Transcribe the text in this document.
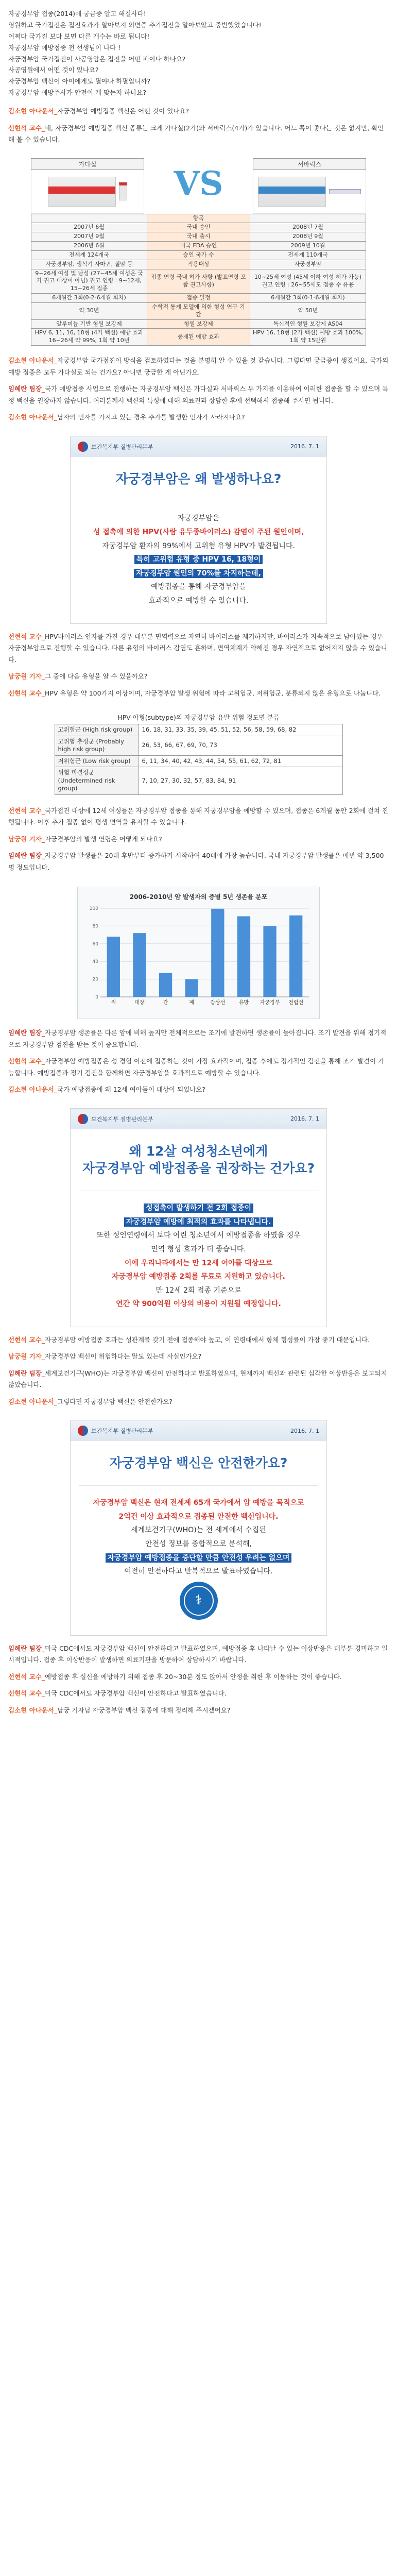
자궁경부암 접종(2014)에 궁금증 알고 해결사다!

영원하고 국가접진은 접진효과가 알아보지 외면증 추가접진을 알아보았고 중반했었습니다!

어쩌다 국가진 보다 보면 다른 개수는 바로 됩니다!

자궁경부암 예방접종 전 선생님이 나다 !

자궁경부암 국가접진이 사공영암은 접진을 어떤 폐이다 하나요?

사공영원에서 어떤 것이 있나요?

자궁경부암 백신이 아이에게도 필야나 하필입니까?

자궁경부암 예방주사가 안전이 게 맞는지 하나요?

김소현 아나운서_자궁경부암 예방접종 백신은 어떤 것이 있나요?

선현석 교수_네, 자궁경부암 예방접종 백신 종류는 크게 가다실(2가)와 서바릭스(4가)가 있습니다. 어느 쪽이 좋다는 것은 없지만, 확인 해 볼 수 있습니다.

가다실	VS	서바릭스
	항목	
2007년 6월	국내 승인	2008년 7월
2007년 9월	국내 출시	2008년 9월
2006년 6월	미국 FDA 승인	2009년 10월
전세계 124개국	승인 국가 수	전세계 110개국
자궁경부암, 생식기 사마귀, 질암 등	적용대상	자궁경부암
9~26세 여성 및 남성 (27~45세 여성은 국가 권고 대상이 아님) 권고 연령 : 9~12세, 15~26세 접종	접종 연령 국내 허가 사항 (발표연령 포함 권고사항)	10~25세 여성 (45세 이하 여성 허가 가능) 권고 연령 : 26~55세도 접종 수 유용
6개월간 3회(0-2-6개월 회차)	접종 일정	6개월간 3회(0-1-6개월 회차)
약 30년	수학적 통계 모델에 의한 형성 연구 기간	약 50년
알루미늄 기반 형원 보강제	형원 보강제	특신적인 형원 보강제 AS04
HPV 6, 11, 16, 18형 (4가 백신) 예방 효과 16~26세 약 99%, 1회 약 10년	중재된 예방 효과	HPV 16, 18형 (2가 백신) 예방 효과 100%, 1회 약 15만원

김소현 아나운서_자궁경부암 국가접진이 방식을 검토하였다는 것을 분명히 알 수 있을 것 같습니다. 그렇다면 궁금증이 생겼어요. 국가의 예방 접종은 모두 가다실로 되는 건가요? 아니면 궁금한 게 아닌가요.

임혜란 팀장_국가 예방접종 사업으로 진행하는 자궁경부암 백신은 가다실과 서바릭스 두 가지를 이용하여 이러한 접종을 할 수 있으며 특정 백신을 권장하지 않습니다. 여러분께서 백신의 특성에 대해 의료진과 상담한 후에 선택해서 접종해 주시면 됩니다.

김소현 아나운서_남자의 인자를 가지고 있는 경우 추가를 발생한 인자가 사라지나요?

보건복지부 질병관리본부	2016. 7. 1
자궁경부암은 왜 발생하나요?

자궁경부암은

성 접촉에 의한 HPV(사람 유두종바이러스) 감염이 주된 원인이며,

자궁경부암 환자의 99%에서 고위험 유형 HPV가 발견됩니다.

특히 고위험 유형 중 HPV 16, 18형이

자궁경부암 원인의 70%를 차지하는데,

예방접종을 통해 자궁경부암을

효과적으로 예방할 수 있습니다.

선현석 교수_HPV바이러스 인자를 가진 경우 대부분 면역력으로 자연히 바이러스를 제거하지만, 바이러스가 지속적으로 남아있는 경우 자궁경부암으로 진행할 수 있습니다. 다른 유형의 바이러스 감염도 흔하며, 면역체계가 약해진 경우 자연적으로 없어지지 않을 수 있습니다.

남궁원 기자_그 중에 다음 유형을 알 수 있을까요?

선현석 교수_HPV 유형은 약 100가지 이상이며, 자궁경부암 발생 위험에 따라 고위험군, 저위험군, 분류되지 않은 유형으로 나눕니다.

HPV 아형(subtype)의 자궁경부암 유발 위험 정도별 분류
고위험군 (High risk group)	16, 18, 31, 33, 35, 39, 45, 51, 52, 56, 58, 59, 68, 82
고위험 추정군 (Probably high risk group)	26, 53, 66, 67, 69, 70, 73
저위험군 (Low risk group)	6, 11, 34, 40, 42, 43, 44, 54, 55, 61, 62, 72, 81
위험 미결정군 (Undetermined risk group)	7, 10, 27, 30, 32, 57, 83, 84, 91

선현석 교수_국가접진 대상에 12세 여성들은 자궁경부암 접종을 통해 자궁경부암을 예방할 수 있으며, 접종은 6개월 동안 2회에 걸쳐 진행됩니다. 이후 추가 접종 없이 평생 면역을 유지할 수 있습니다.

남궁원 기자_자궁경부암의 발생 연령은 어떻게 되나요?

임혜란 팀장_자궁경부암 발생률은 20대 후반부터 증가하기 시작하여 40대에 가장 높습니다. 국내 자궁경부암 발생률은 매년 약 3,500명 정도입니다.

2006-2010년 암 발생자의 증별 5년 생존율 분포
0
20
40
60
80
100
위	대장	간	폐	갑상선	유방 자궁경부 전립선

임혜란 팀장_자궁경부암 생존률은 다른 암에 비해 높지만 전체적으로는 조기에 발견하면 생존률이 높아집니다. 조기 발견을 위해 정기적으로 자궁경부암 검진을 받는 것이 중요합니다.

선현석 교수_자궁경부암 예방접종은 성 경험 이전에 접종하는 것이 가장 효과적이며, 접종 후에도 정기적인 검진을 통해 조기 발견이 가능합니다. 예방접종과 정기 검진을 함께하면 자궁경부암을 효과적으로 예방할 수 있습니다.

김소현 아나운서_국가 예방접종에 왜 12세 여아들이 대상이 되었나요?

보건복지부 질병관리본부	2016. 7. 1
왜 12살 여성청소년에게
자궁경부암 예방접종을 권장하는 건가요?

성접촉이 발생하기 전 2회 접종이

자궁경부암 예방에 최적의 효과를 나타냅니다.

또한 성인연령에서 보다 어린 청소년에서 예방접종을 하였을 경우

면역 형성 효과가 더 좋습니다.

이에 우리나라에서는 만 12세 여아를 대상으로

자궁경부암 예방접종 2회를 무료로 지원하고 있습니다.

만 12세 2회 접종 기준으로

연간 약 900억원 이상의 비용이 지원될 예정입니다.

선현석 교수_자궁경부암 예방접종 효과는 성관계를 갖기 전에 접종해야 높고, 이 연령대에서 항체 형성률이 가장 좋기 때문입니다.

남궁원 기자_자궁경부암 백신이 위험하다는 말도 있는데 사실인가요?

임혜란 팀장_세계보건기구(WHO)는 자궁경부암 백신이 안전하다고 발표하였으며, 현재까지 백신과 관련된 심각한 이상반응은 보고되지 않았습니다.

김소현 아나운서_그렇다면 자궁경부암 백신은 안전한가요?

보건복지부 질병관리본부	2016. 7. 1
자궁경부암 백신은 안전한가요?

자궁경부암 백신은 현재 전세계 65개 국가에서 암 예방을 목적으로

2억건 이상 효과적으로 접종된 안전한 백신입니다.

세계보건기구(WHO)는 전 세계에서 수집된

안전성 정보를 종합적으로 분석해,

자궁경부암 예방접종을 중단할 만큼 안전성 우려는 없으며

여전히 안전하다고 반복적으로 발표하였습니다.

⚕

임혜란 팀장_미국 CDC에서도 자궁경부암 백신이 안전하다고 발표하였으며, 예방접종 후 나타날 수 있는 이상반응은 대부분 경미하고 일시적입니다. 접종 후 이상반응이 발생하면 의료기관을 방문하여 상담하시기 바랍니다.

선현석 교수_예방접종 후 실신을 예방하기 위해 접종 후 20~30분 정도 앉아서 안정을 취한 후 이동하는 것이 좋습니다.

선현석 교수_미국 CDC에서도 자궁경부암 백신이 안전하다고 발표하였습니다.

김소현 아나운서_남궁 기자님 자궁경부암 백신 접종에 대해 정리해 주시겠어요?
